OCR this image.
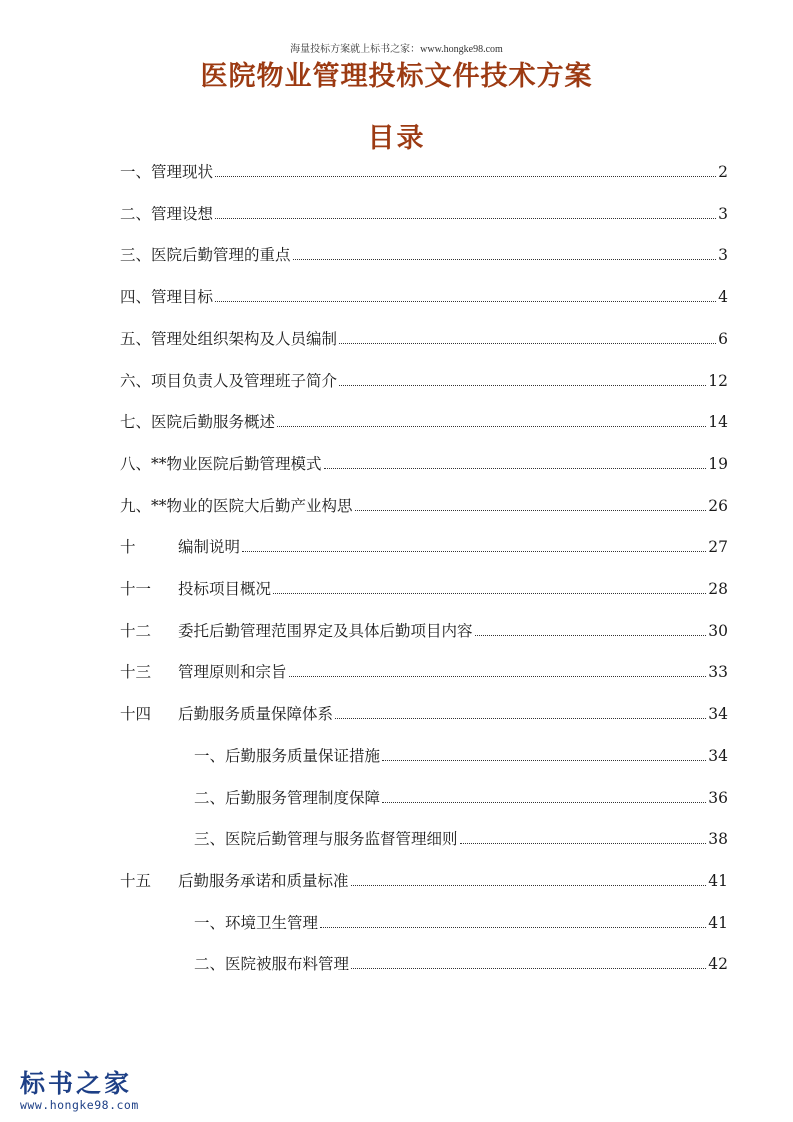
海量投标方案就上标书之家：www.hongke98.com
医院物业管理投标文件技术方案
目录
一、管理现状	2
二、管理设想	3
三、医院后勤管理的重点	3
四、管理目标	4
五、管理处组织架构及人员编制	6
六、项目负责人及管理班子简介	12
七、医院后勤服务概述	14
八、**物业医院后勤管理模式	19
九、**物业的医院大后勤产业构思	26
十	编制说明	27
十一	投标项目概况	28
十二	委托后勤管理范围界定及具体后勤项目内容	30
十三	管理原则和宗旨	33
十四	后勤服务质量保障体系	34
一、后勤服务质量保证措施	34
二、后勤服务管理制度保障	36
三、医院后勤管理与服务监督管理细则	38
十五	后勤服务承诺和质量标准	41
一、环境卫生管理	41
二、医院被服布料管理	42
标书之家
www.hongke98.com
